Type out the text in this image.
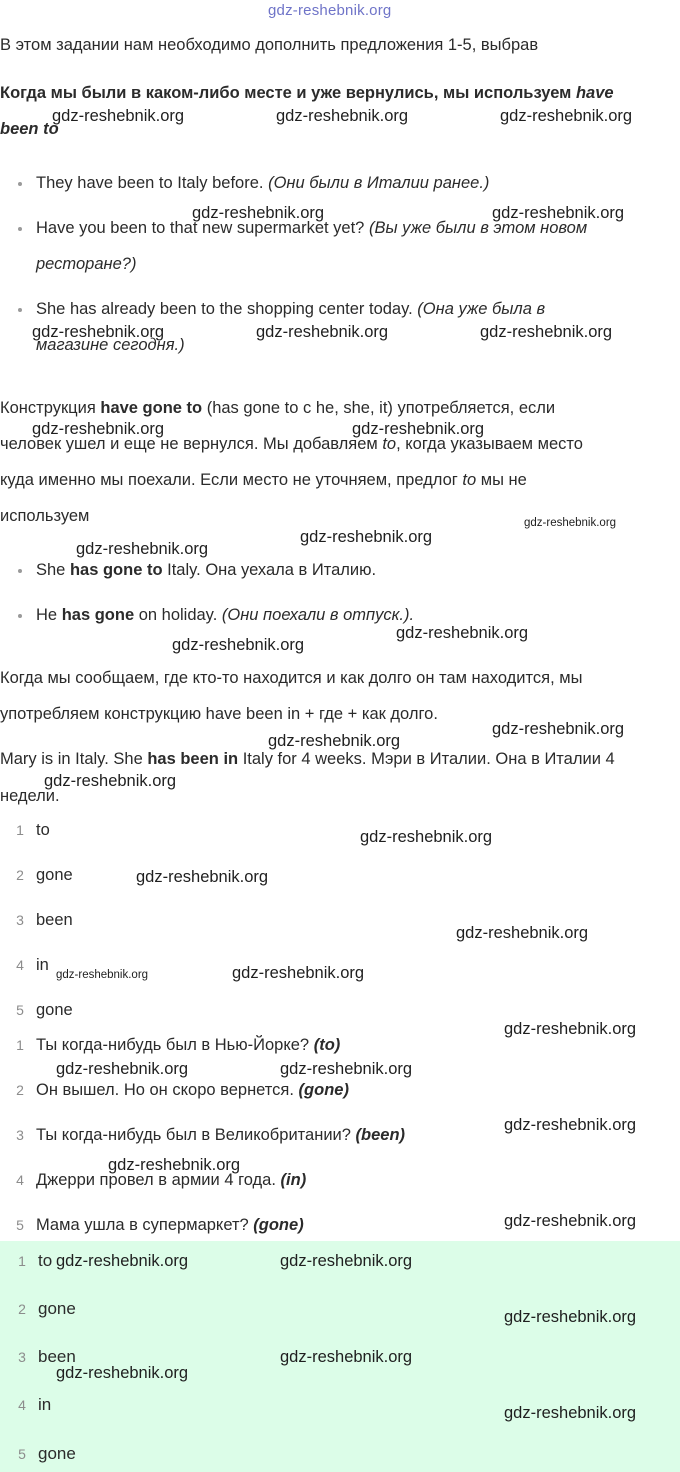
gdz-reshebnik.org
В этом задании нам необходимо дополнить предложения 1-5, выбрав
Когда мы были в каком-либо месте и уже вернулись, мы используем have
been to
They have been to Italy before. (Они были в Италии ранее.)
Have you been to that new supermarket yet? (Вы уже были в этом новом
ресторане?)
She has already been to the shopping center today. (Она уже была в
магазине сегодня.)
Конструкция have gone to (has gone to с he, she, it) употребляется, если
человек ушел и еще не вернулся. Мы добавляем to, когда указываем место
куда именно мы поехали. Если место не уточняем, предлог to мы не
используем
She has gone to Italy. Она уехала в Италию.
He has gone on holiday. (Они поехали в отпуск.).
Когда мы сообщаем, где кто-то находится и как долго он там находится, мы
употребляем конструкцию have been in + где + как долго.
Mary is in Italy. She has been in Italy for 4 weeks. Мэри в Италии. Она в Италии 4
недели.
1 to
2 gone
3 been
4 in
5 gone
1 Ты когда-нибудь был в Нью-Йорке? (to)
2 Он вышел. Но он скоро вернется. (gone)
3 Ты когда-нибудь был в Великобритании? (been)
4 Джерри провел в армии 4 года. (in)
5 Мама ушла в супермаркет? (gone)
1 to
2 gone
3 been
4 in
5 gone
gdz-reshebnik.org	gdz-reshebnik.org	gdz-reshebnik.org
gdz-reshebnik.org	gdz-reshebnik.org
gdz-reshebnik.org	gdz-reshebnik.org	gdz-reshebnik.org
gdz-reshebnik.org	gdz-reshebnik.org
gdz-reshebnik.org
gdz-reshebnik.org
gdz-reshebnik.org
gdz-reshebnik.org
gdz-reshebnik.org
gdz-reshebnik.org
gdz-reshebnik.org
gdz-reshebnik.org
gdz-reshebnik.org
gdz-reshebnik.org
gdz-reshebnik.org
gdz-reshebnik.org	gdz-reshebnik.org
gdz-reshebnik.org
gdz-reshebnik.org	gdz-reshebnik.org
gdz-reshebnik.org
gdz-reshebnik.org
gdz-reshebnik.org
gdz-reshebnik.org	gdz-reshebnik.org
gdz-reshebnik.org
gdz-reshebnik.org
gdz-reshebnik.org
gdz-reshebnik.org
